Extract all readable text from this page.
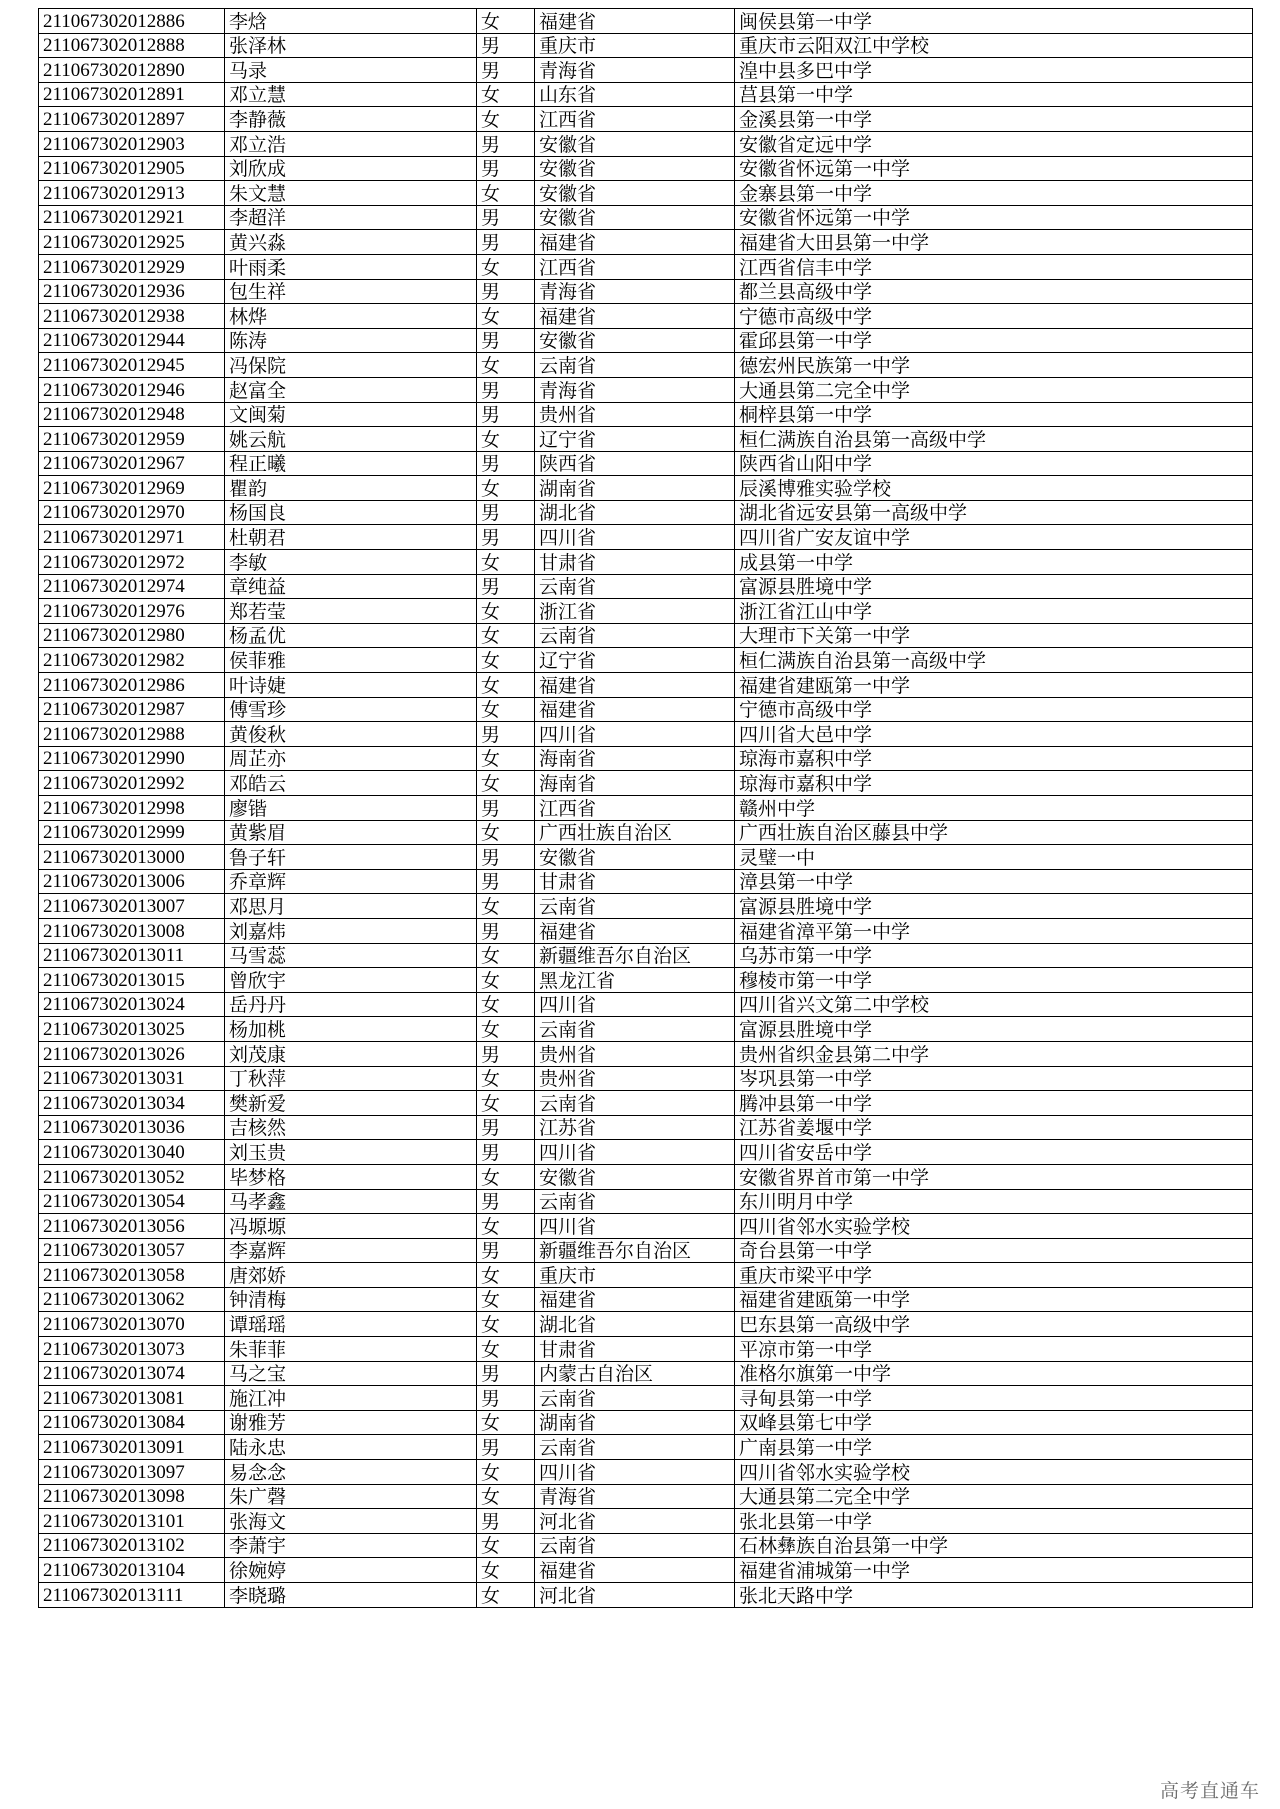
211067302012886	李焓	女	福建省	闽侯县第一中学
211067302012888	张泽林	男	重庆市	重庆市云阳双江中学校
211067302012890	马录	男	青海省	湟中县多巴中学
211067302012891	邓立慧	女	山东省	莒县第一中学
211067302012897	李静薇	女	江西省	金溪县第一中学
211067302012903	邓立浩	男	安徽省	安徽省定远中学
211067302012905	刘欣成	男	安徽省	安徽省怀远第一中学
211067302012913	朱文慧	女	安徽省	金寨县第一中学
211067302012921	李超洋	男	安徽省	安徽省怀远第一中学
211067302012925	黄兴淼	男	福建省	福建省大田县第一中学
211067302012929	叶雨柔	女	江西省	江西省信丰中学
211067302012936	包生祥	男	青海省	都兰县高级中学
211067302012938	林烨	女	福建省	宁德市高级中学
211067302012944	陈涛	男	安徽省	霍邱县第一中学
211067302012945	冯保院	女	云南省	德宏州民族第一中学
211067302012946	赵富全	男	青海省	大通县第二完全中学
211067302012948	文闽菊	男	贵州省	桐梓县第一中学
211067302012959	姚云航	女	辽宁省	桓仁满族自治县第一高级中学
211067302012967	程正曦	男	陕西省	陕西省山阳中学
211067302012969	瞿韵	女	湖南省	辰溪博雅实验学校
211067302012970	杨国良	男	湖北省	湖北省远安县第一高级中学
211067302012971	杜朝君	男	四川省	四川省广安友谊中学
211067302012972	李敏	女	甘肃省	成县第一中学
211067302012974	章纯益	男	云南省	富源县胜境中学
211067302012976	郑若莹	女	浙江省	浙江省江山中学
211067302012980	杨孟优	女	云南省	大理市下关第一中学
211067302012982	侯菲雅	女	辽宁省	桓仁满族自治县第一高级中学
211067302012986	叶诗婕	女	福建省	福建省建瓯第一中学
211067302012987	傅雪珍	女	福建省	宁德市高级中学
211067302012988	黄俊秋	男	四川省	四川省大邑中学
211067302012990	周芷亦	女	海南省	琼海市嘉积中学
211067302012992	邓皓云	女	海南省	琼海市嘉积中学
211067302012998	廖锴	男	江西省	赣州中学
211067302012999	黄紫眉	女	广西壮族自治区	广西壮族自治区藤县中学
211067302013000	鲁子轩	男	安徽省	灵璧一中
211067302013006	乔章辉	男	甘肃省	漳县第一中学
211067302013007	邓思月	女	云南省	富源县胜境中学
211067302013008	刘嘉炜	男	福建省	福建省漳平第一中学
211067302013011	马雪蕊	女	新疆维吾尔自治区	乌苏市第一中学
211067302013015	曾欣宇	女	黑龙江省	穆棱市第一中学
211067302013024	岳丹丹	女	四川省	四川省兴文第二中学校
211067302013025	杨加桃	女	云南省	富源县胜境中学
211067302013026	刘茂康	男	贵州省	贵州省织金县第二中学
211067302013031	丁秋萍	女	贵州省	岑巩县第一中学
211067302013034	樊新爱	女	云南省	腾冲县第一中学
211067302013036	吉核然	男	江苏省	江苏省姜堰中学
211067302013040	刘玉贵	男	四川省	四川省安岳中学
211067302013052	毕梦格	女	安徽省	安徽省界首市第一中学
211067302013054	马孝鑫	男	云南省	东川明月中学
211067302013056	冯塬塬	女	四川省	四川省邻水实验学校
211067302013057	李嘉辉	男	新疆维吾尔自治区	奇台县第一中学
211067302013058	唐郊娇	女	重庆市	重庆市梁平中学
211067302013062	钟清梅	女	福建省	福建省建瓯第一中学
211067302013070	谭瑶瑶	女	湖北省	巴东县第一高级中学
211067302013073	朱菲菲	女	甘肃省	平凉市第一中学
211067302013074	马之宝	男	内蒙古自治区	准格尔旗第一中学
211067302013081	施江冲	男	云南省	寻甸县第一中学
211067302013084	谢雅芳	女	湖南省	双峰县第七中学
211067302013091	陆永忠	男	云南省	广南县第一中学
211067302013097	易念念	女	四川省	四川省邻水实验学校
211067302013098	朱广磬	女	青海省	大通县第二完全中学
211067302013101	张海文	男	河北省	张北县第一中学
211067302013102	李萧宇	女	云南省	石林彝族自治县第一中学
211067302013104	徐婉婷	女	福建省	福建省浦城第一中学
211067302013111	李晓璐	女	河北省	张北天路中学
高考直通车
